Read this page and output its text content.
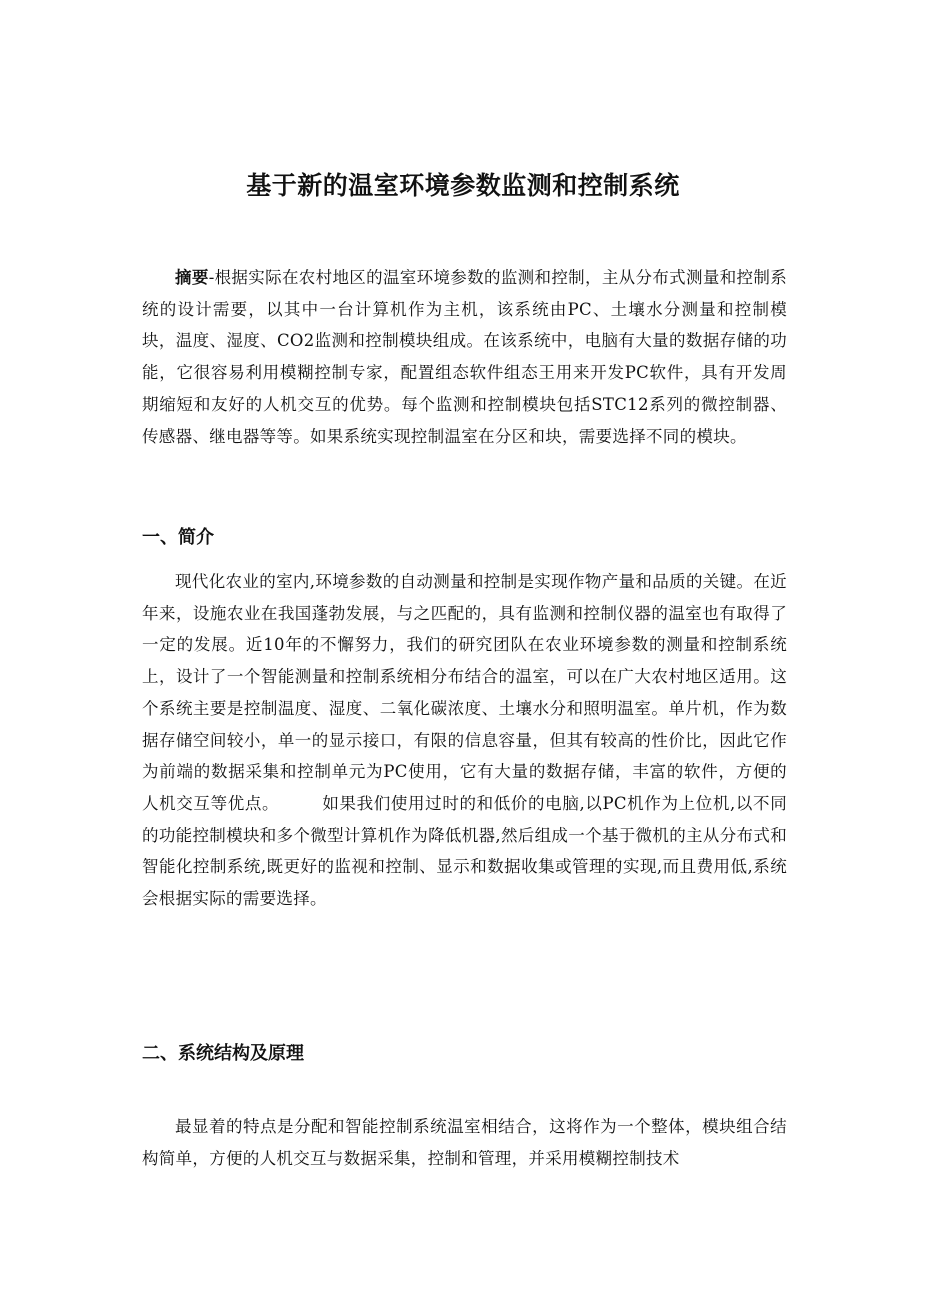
基于新的温室环境参数监测和控制系统

摘要-根据实际在农村地区的温室环境参数的监测和控制，主从分布式测量和控制系统的设计需要，以其中一台计算机作为主机，该系统由PC、土壤水分测量和控制模块，温度、湿度、CO2监测和控制模块组成。在该系统中，电脑有大量的数据存储的功能，它很容易利用模糊控制专家，配置组态软件组态王用来开发PC软件，具有开发周期缩短和友好的人机交互的优势。每个监测和控制模块包括STC12系列的微控制器、传感器、继电器等等。如果系统实现控制温室在分区和块，需要选择不同的模块。

一、简介

现代化农业的室内,环境参数的自动测量和控制是实现作物产量和品质的关键。在近年来，设施农业在我国蓬勃发展，与之匹配的，具有监测和控制仪器的温室也有取得了一定的发展。近10年的不懈努力，我们的研究团队在农业环境参数的测量和控制系统上，设计了一个智能测量和控制系统相分布结合的温室，可以在广大农村地区适用。这个系统主要是控制温度、湿度、二氧化碳浓度、土壤水分和照明温室。单片机，作为数据存储空间较小，单一的显示接口，有限的信息容量，但其有较高的性价比，因此它作为前端的数据采集和控制单元为PC使用，它有大量的数据存储，丰富的软件，方便的人机交互等优点。　　　如果我们使用过时的和低价的电脑,以PC机作为上位机,以不同的功能控制模块和多个微型计算机作为降低机器,然后组成一个基于微机的主从分布式和智能化控制系统,既更好的监视和控制、显示和数据收集或管理的实现,而且费用低,系统会根据实际的需要选择。

二、系统结构及原理

最显着的特点是分配和智能控制系统温室相结合，这将作为一个整体，模块组合结构简单，方便的人机交互与数据采集，控制和管理，并采用模糊控制技术
